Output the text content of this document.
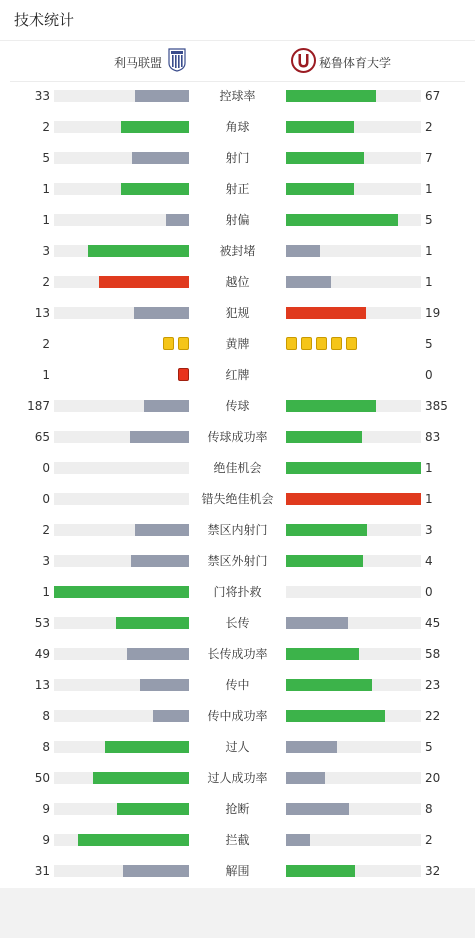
技术统计
利马联盟	秘鲁体育大学
33	控球率	67
2	角球	2
5	射门	7
1	射正	1
1	射偏	5
3	被封堵	1
2	越位	1
13	犯规	19
2	黄牌	5
1	红牌	0
187	传球	385
65	传球成功率	83
0	绝佳机会	1
0	错失绝佳机会	1
2	禁区内射门	3
3	禁区外射门	4
1	门将扑救	0
53	长传	45
49	长传成功率	58
13	传中	23
8	传中成功率	22
8	过人	5
50	过人成功率	20
9	抢断	8
9	拦截	2
31	解围	32
